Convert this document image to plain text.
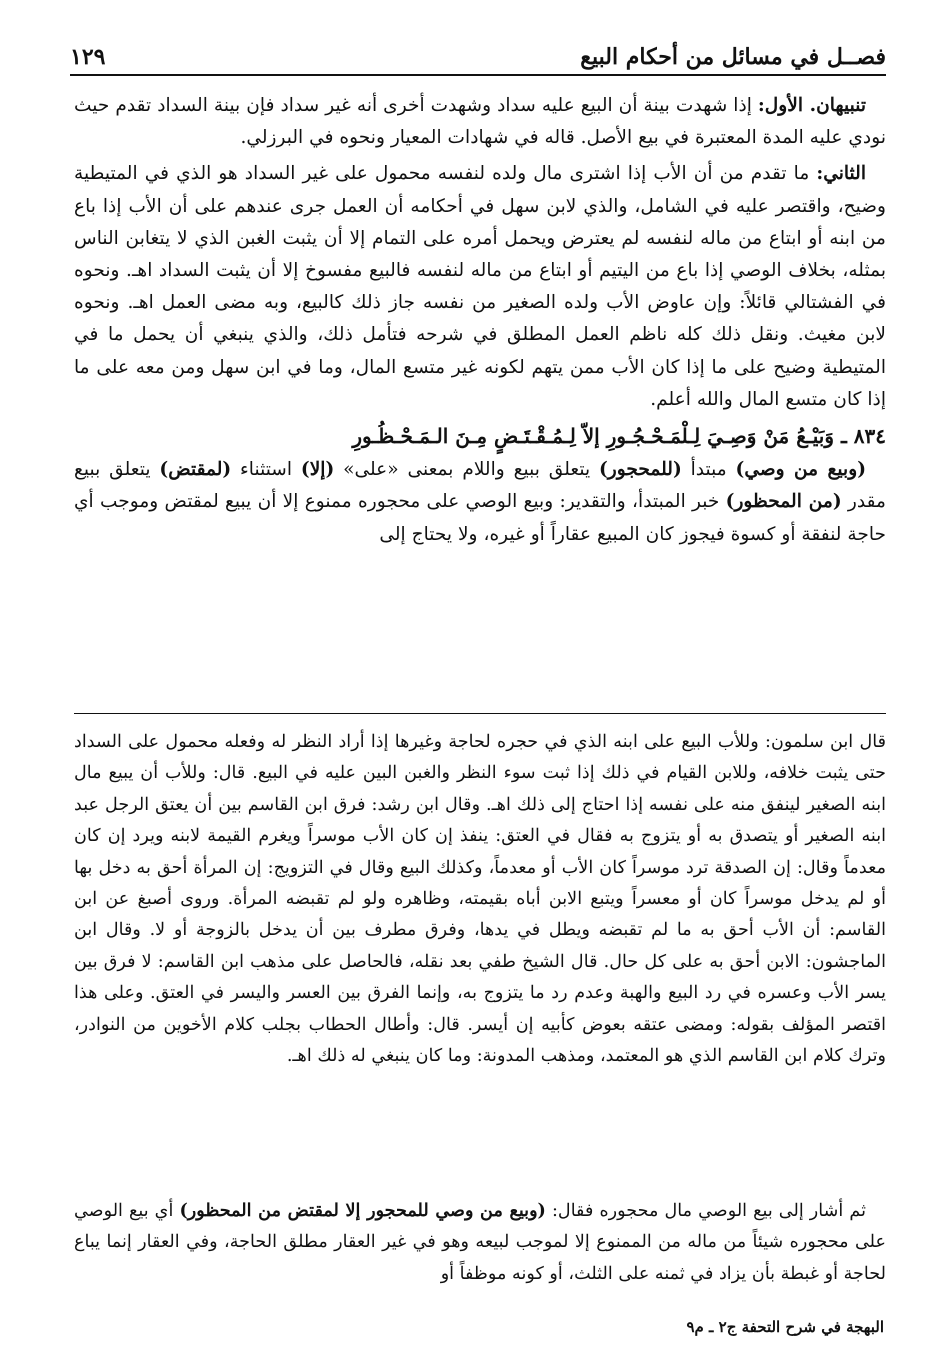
فصــل في مسائل من أحكام البيع
١٢٩

تنبيهان. الأول: إذا شهدت بينة أن البيع عليه سداد وشهدت أخرى أنه غير سداد فإن بينة السداد تقدم حيث نودي عليه المدة المعتبرة في بيع الأصل. قاله في شهادات المعيار ونحوه في البرزلي.

الثاني: ما تقدم من أن الأب إذا اشترى مال ولده لنفسه محمول على غير السداد هو الذي في المتيطية وضيح، واقتصر عليه في الشامل، والذي لابن سهل في أحكامه أن العمل جرى عندهم على أن الأب إذا باع من ابنه أو ابتاع من ماله لنفسه لم يعترض ويحمل أمره على التمام إلا أن يثبت الغبن الذي لا يتغابن الناس بمثله، بخلاف الوصي إذا باع من اليتيم أو ابتاع من ماله لنفسه فالبيع مفسوخ إلا أن يثبت السداد اهـ. ونحوه في الفشتالي قائلاً: وإن عاوض الأب ولده الصغير من نفسه جاز ذلك كالبيع، وبه مضى العمل اهـ. ونحوه لابن مغيث. ونقل ذلك كله ناظم العمل المطلق في شرحه فتأمل ذلك، والذي ينبغي أن يحمل ما في المتيطية وضيح على ما إذا كان الأب ممن يتهم لكونه غير متسع المال، وما في ابن سهل ومن معه على ما إذا كان متسع المال والله أعلم.

٨٣٤ ـ وَبَيْـعُ مَنْ وَصِـيَ لِـلْمَـحْـجُـورِ إلاّ لِـمُـقْـتَـضٍ مِـنَ الـمَـحْـظُـورِ

(وبيع من وصي) مبتدأ (للمحجور) يتعلق ببيع واللام بمعنى «على» (إلا) استثناء (لمقتض) يتعلق ببيع مقدر (من المحظور) خبر المبتدأ، والتقدير: وبيع الوصي على محجوره ممنوع إلا أن يبيع لمقتض وموجب أي حاجة لنفقة أو كسوة فيجوز كان المبيع عقاراً أو غيره، ولا يحتاج إلى

قال ابن سلمون: وللأب البيع على ابنه الذي في حجره لحاجة وغيرها إذا أراد النظر له وفعله محمول على السداد حتى يثبت خلافه، وللابن القيام في ذلك إذا ثبت سوء النظر والغبن البين عليه في البيع. قال: وللأب أن يبيع مال ابنه الصغير لينفق منه على نفسه إذا احتاج إلى ذلك اهـ. وقال ابن رشد: فرق ابن القاسم بين أن يعتق الرجل عبد ابنه الصغير أو يتصدق به أو يتزوج به فقال في العتق: ينفذ إن كان الأب موسراً ويغرم القيمة لابنه ويرد إن كان معدماً وقال: إن الصدقة ترد موسراً كان الأب أو معدماً، وكذلك البيع وقال في التزويج: إن المرأة أحق به دخل بها أو لم يدخل موسراً كان أو معسراً ويتبع الابن أباه بقيمته، وظاهره ولو لم تقبضه المرأة. وروى أصبغ عن ابن القاسم: أن الأب أحق به ما لم تقبضه ويطل في يدها، وفرق مطرف بين أن يدخل بالزوجة أو لا. وقال ابن الماجشون: الابن أحق به على كل حال. قال الشيخ طفي بعد نقله، فالحاصل على مذهب ابن القاسم: لا فرق بين يسر الأب وعسره في رد البيع والهبة وعدم رد ما يتزوج به، وإنما الفرق بين العسر واليسر في العتق. وعلى هذا اقتصر المؤلف بقوله: ومضى عتقه بعوض كأبيه إن أيسر. قال: وأطال الحطاب بجلب كلام الأخوين من النوادر، وترك كلام ابن القاسم الذي هو المعتمد، ومذهب المدونة: وما كان ينبغي له ذلك اهـ.

ثم أشار إلى بيع الوصي مال محجوره فقال: (وبيع من وصي للمحجور إلا لمقتض من المحظور) أي بيع الوصي على محجوره شيئاً من ماله من الممنوع إلا لموجب لبيعه وهو في غير العقار مطلق الحاجة، وفي العقار إنما يباع لحاجة أو غبطة بأن يزاد في ثمنه على الثلث، أو كونه موظفاً أو

البهجة في شرح التحفة ج٢ ـ م٩
